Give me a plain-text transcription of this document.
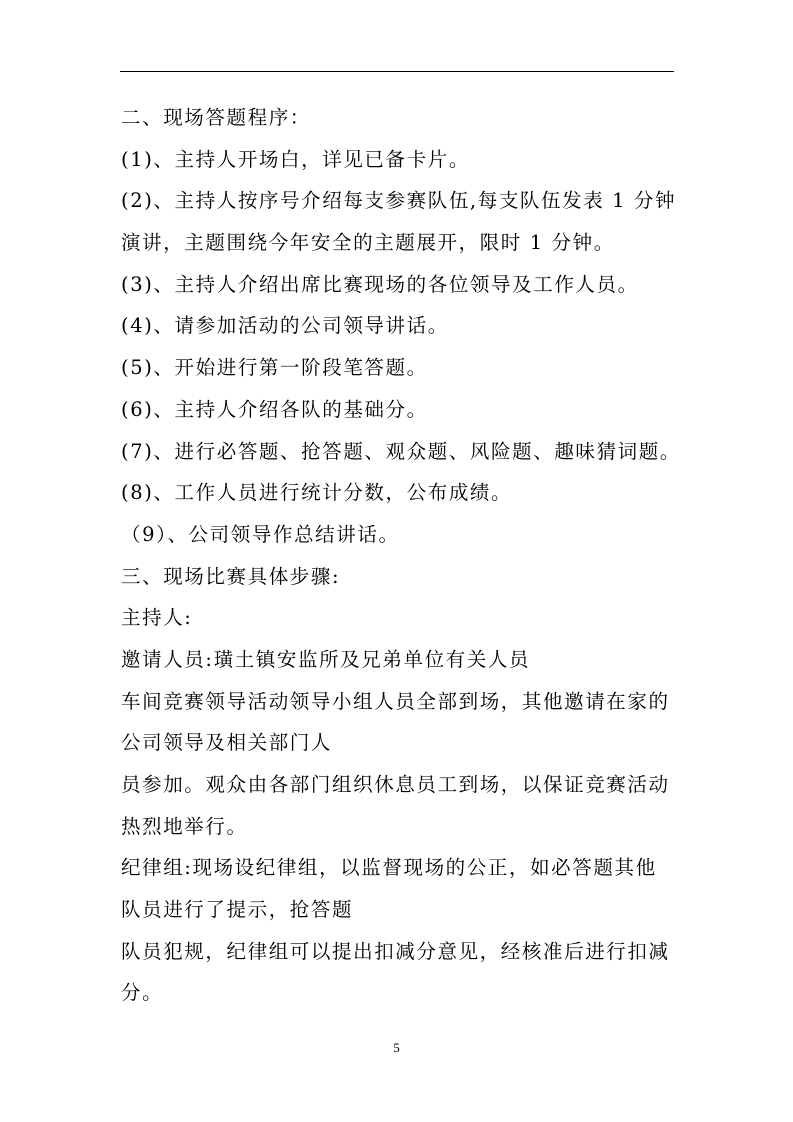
二、现场答题程序：
(1)、主持人开场白，详见已备卡片。
(2)、主持人按序号介绍每支参赛队伍,每支队伍发表 1 分钟
演讲，主题围绕今年安全的主题展开，限时 1 分钟。
(3)、主持人介绍出席比赛现场的各位领导及工作人员。
(4)、请参加活动的公司领导讲话。
(5)、开始进行第一阶段笔答题。
(6)、主持人介绍各队的基础分。
(7)、进行必答题、抢答题、观众题、风险题、趣味猜词题。
(8)、工作人员进行统计分数，公布成绩。
（9）、公司领导作总结讲话。
三、现场比赛具体步骤:
主持人:
邀请人员:璜土镇安监所及兄弟单位有关人员
车间竞赛领导活动领导小组人员全部到场，其他邀请在家的
公司领导及相关部门人
员参加。观众由各部门组织休息员工到场，以保证竞赛活动
热烈地举行。
纪律组:现场设纪律组，以监督现场的公正，如必答题其他
队员进行了提示，抢答题
队员犯规，纪律组可以提出扣减分意见，经核准后进行扣减
分。
5
